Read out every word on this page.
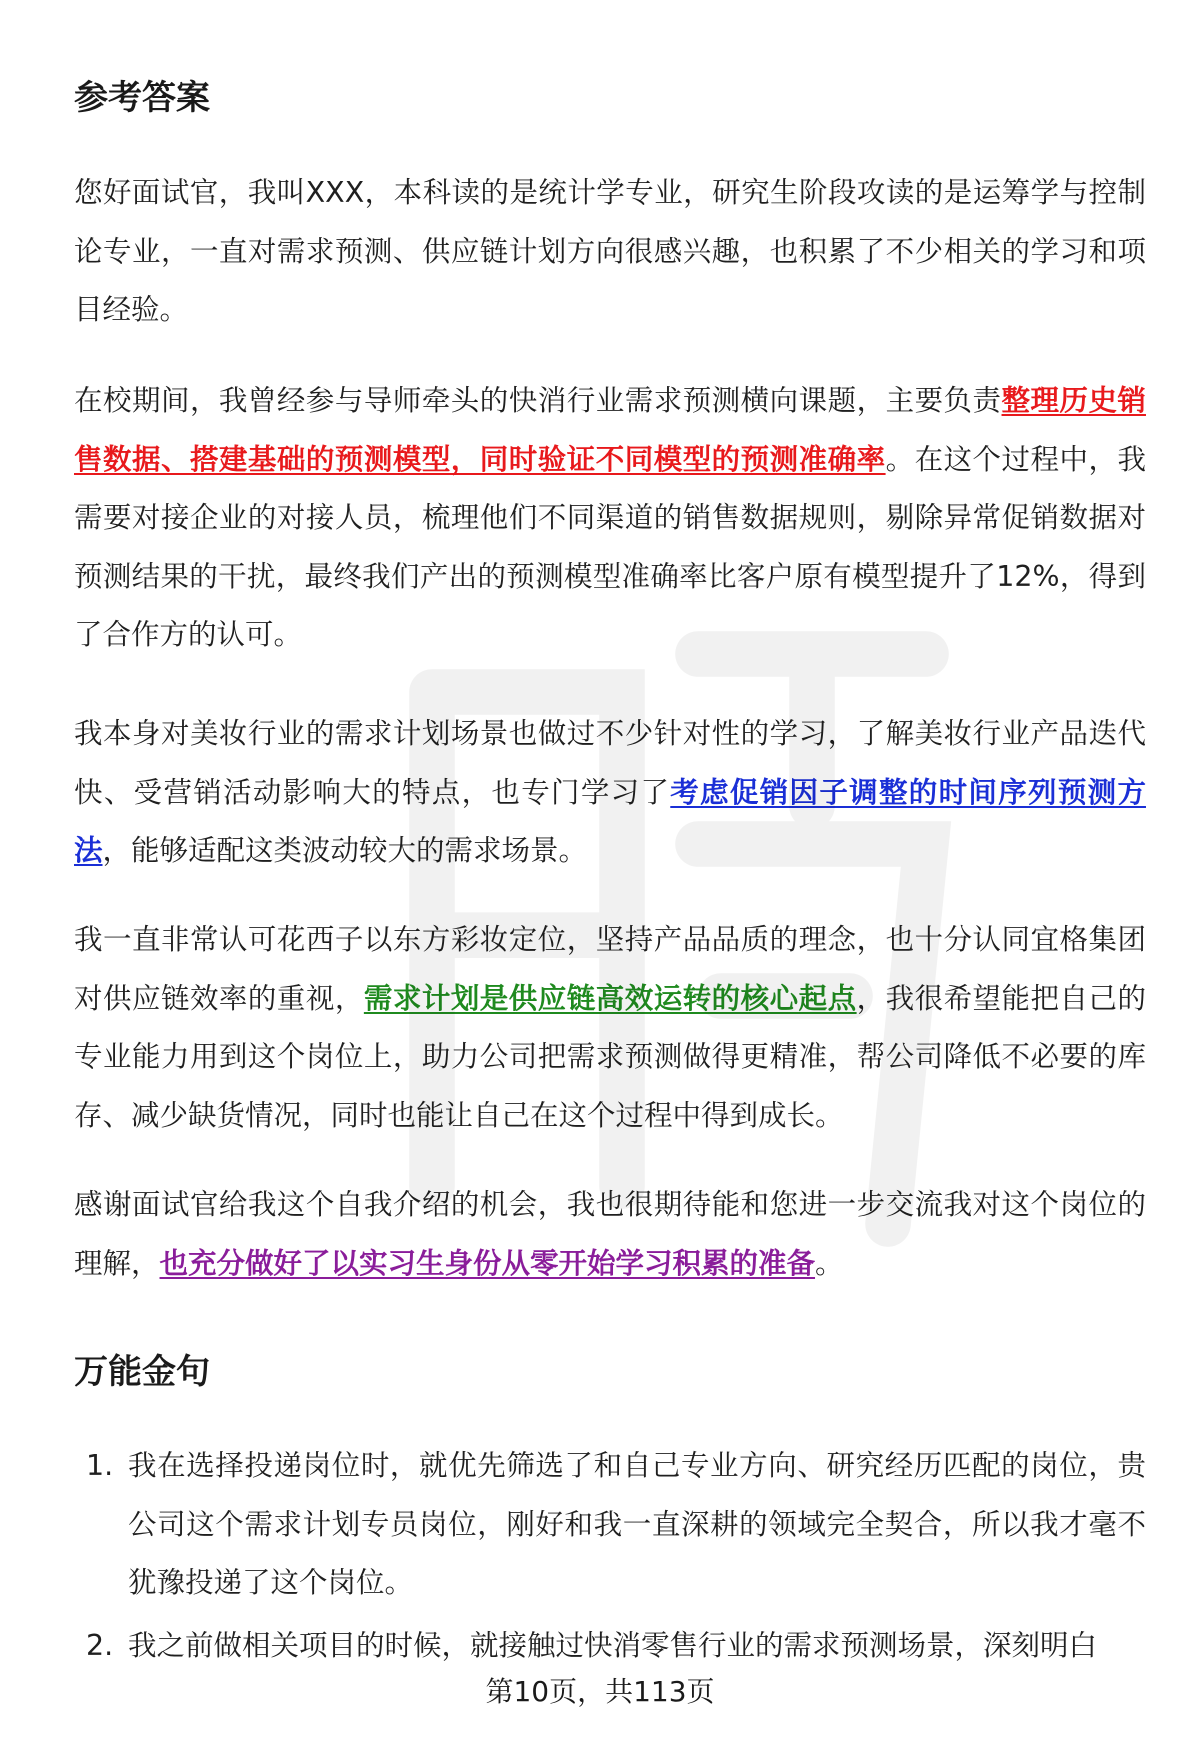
参考答案

您好面试官，我叫XXX，本科读的是统计学专业，研究生阶段攻读的是运筹学与控制论专业，一直对需求预测、供应链计划方向很感兴趣，也积累了不少相关的学习和项目经验。

在校期间，我曾经参与导师牵头的快消行业需求预测横向课题，主要负责整理历史销售数据、搭建基础的预测模型，同时验证不同模型的预测准确率。在这个过程中，我需要对接企业的对接人员，梳理他们不同渠道的销售数据规则，剔除异常促销数据对预测结果的干扰，最终我们产出的预测模型准确率比客户原有模型提升了12%，得到了合作方的认可。

我本身对美妆行业的需求计划场景也做过不少针对性的学习，了解美妆行业产品迭代快、受营销活动影响大的特点，也专门学习了考虑促销因子调整的时间序列预测方法，能够适配这类波动较大的需求场景。

我一直非常认可花西子以东方彩妆定位，坚持产品品质的理念，也十分认同宜格集团对供应链效率的重视，需求计划是供应链高效运转的核心起点，我很希望能把自己的专业能力用到这个岗位上，助力公司把需求预测做得更精准，帮公司降低不必要的库存、减少缺货情况，同时也能让自己在这个过程中得到成长。

感谢面试官给我这个自我介绍的机会，我也很期待能和您进一步交流我对这个岗位的理解，也充分做好了以实习生身份从零开始学习积累的准备。

万能金句
1. 我在选择投递岗位时，就优先筛选了和自己专业方向、研究经历匹配的岗位，贵公司这个需求计划专员岗位，刚好和我一直深耕的领域完全契合，所以我才毫不犹豫投递了这个岗位。
2. 我之前做相关项目的时候，就接触过快消零售行业的需求预测场景，深刻明白
第10页，共113页
